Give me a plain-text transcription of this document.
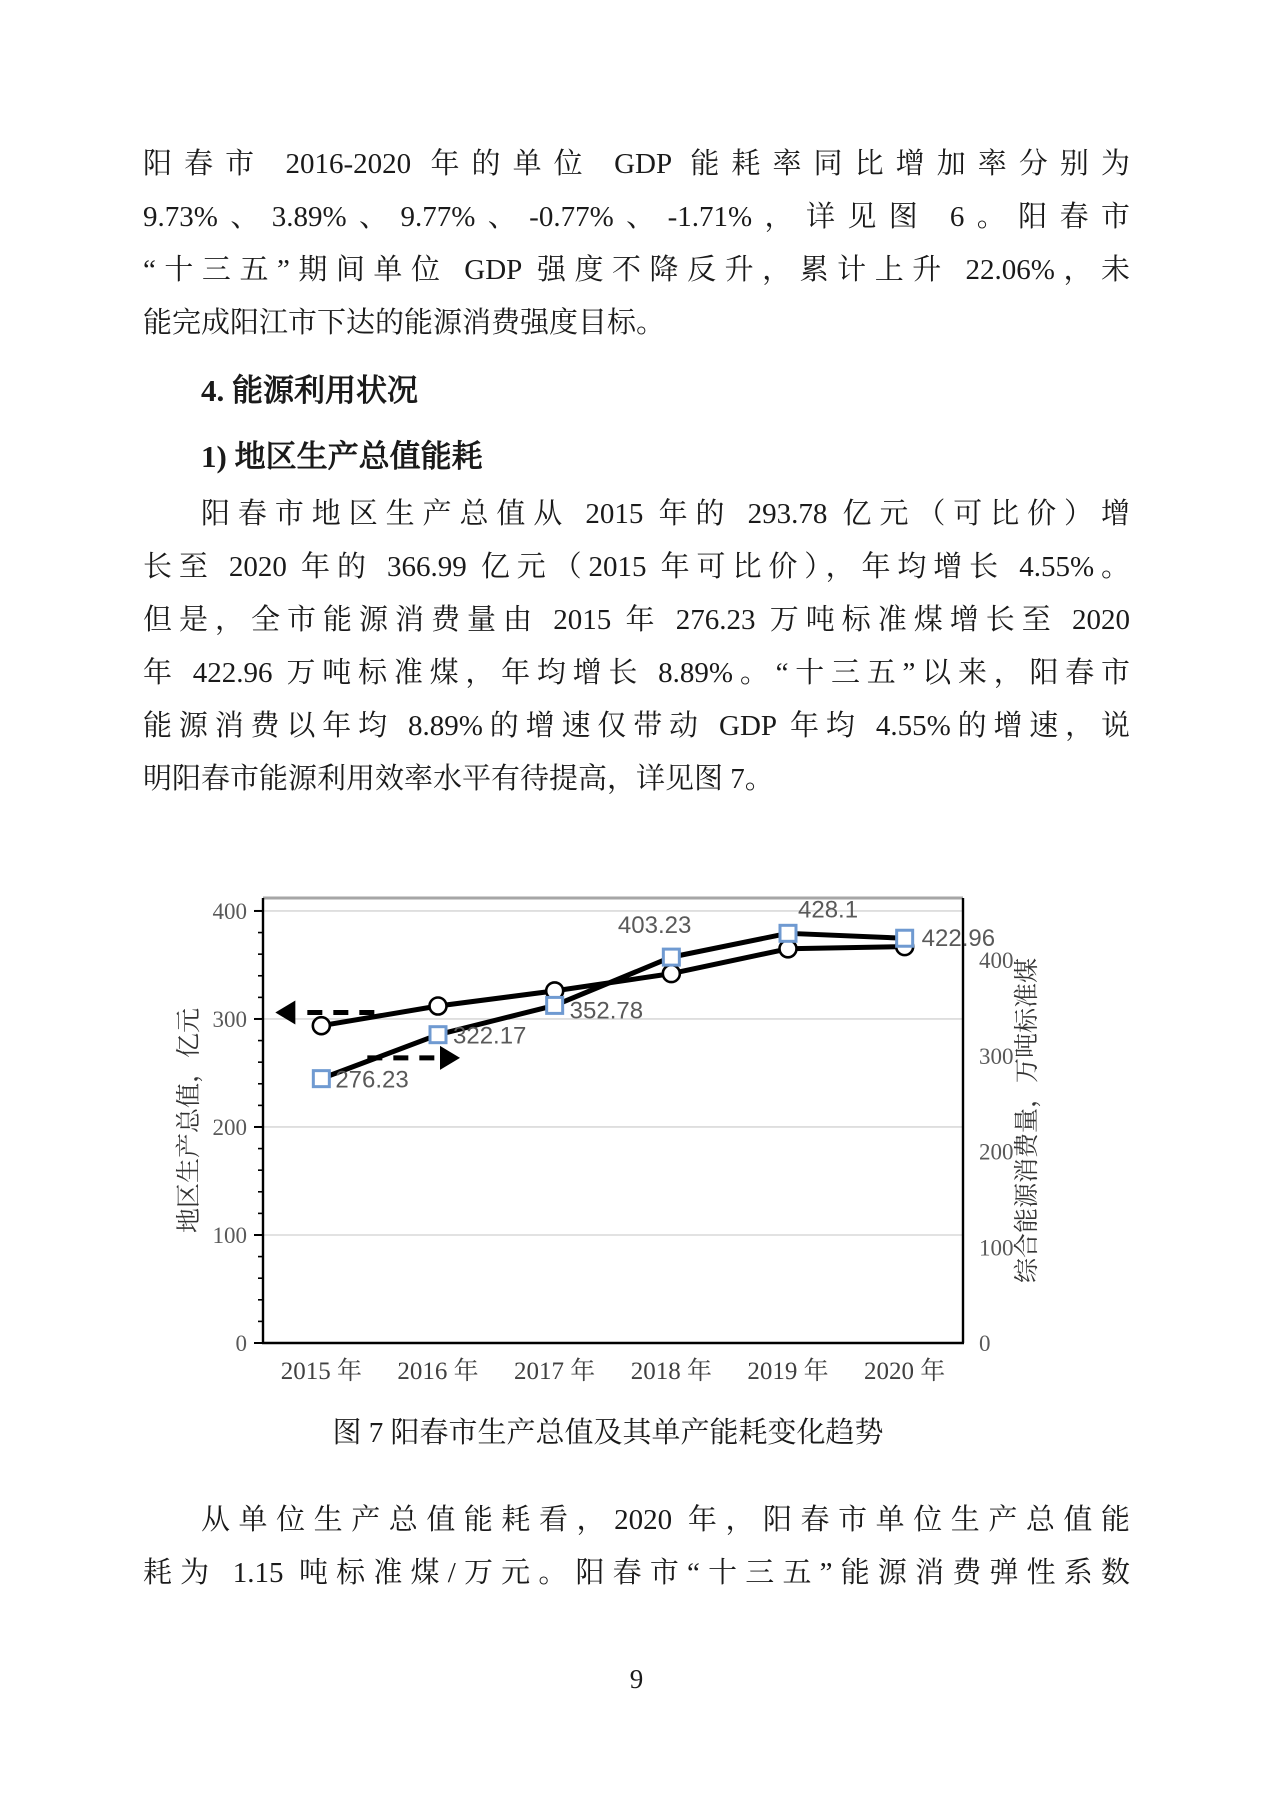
阳春市 2016-2020 年的单位 GDP 能耗率同比增加率分别为
9.73%、3.89%、9.77%、-0.77%、-1.71%，详见图 6。阳春市
“十三五”期间单位 GDP 强度不降反升，累计上升 22.06%，未
能完成阳江市下达的能源消费强度目标。
4. 能源利用状况
1) 地区生产总值能耗
阳春市地区生产总值从 2015 年的 293.78 亿元（可比价）增
长至 2020 年的 366.99 亿元（2015 年可比价），年均增长 4.55%。
但是，全市能源消费量由 2015 年 276.23 万吨标准煤增长至 2020
年 422.96 万吨标准煤，年均增长 8.89%。“十三五”以来，阳春市
能源消费以年均 8.89%的增速仅带动 GDP 年均 4.55%的增速，说
明阳春市能源利用效率水平有待提高，详见图 7。
0
100
200
300
400
0
100
200
300
400
2015 年 2016 年 2017 年 2018 年 2019 年 2020 年
地区生产总值，亿元	综合能源消费量，万吨标准煤
276.23
322.17
352.78
403.23
428.1
422.96
图 7 阳春市生产总值及其单产能耗变化趋势
从单位生产总值能耗看，2020 年，阳春市单位生产总值能
耗为 1.15 吨标准煤/万元。阳春市“十三五”能源消费弹性系数
9
